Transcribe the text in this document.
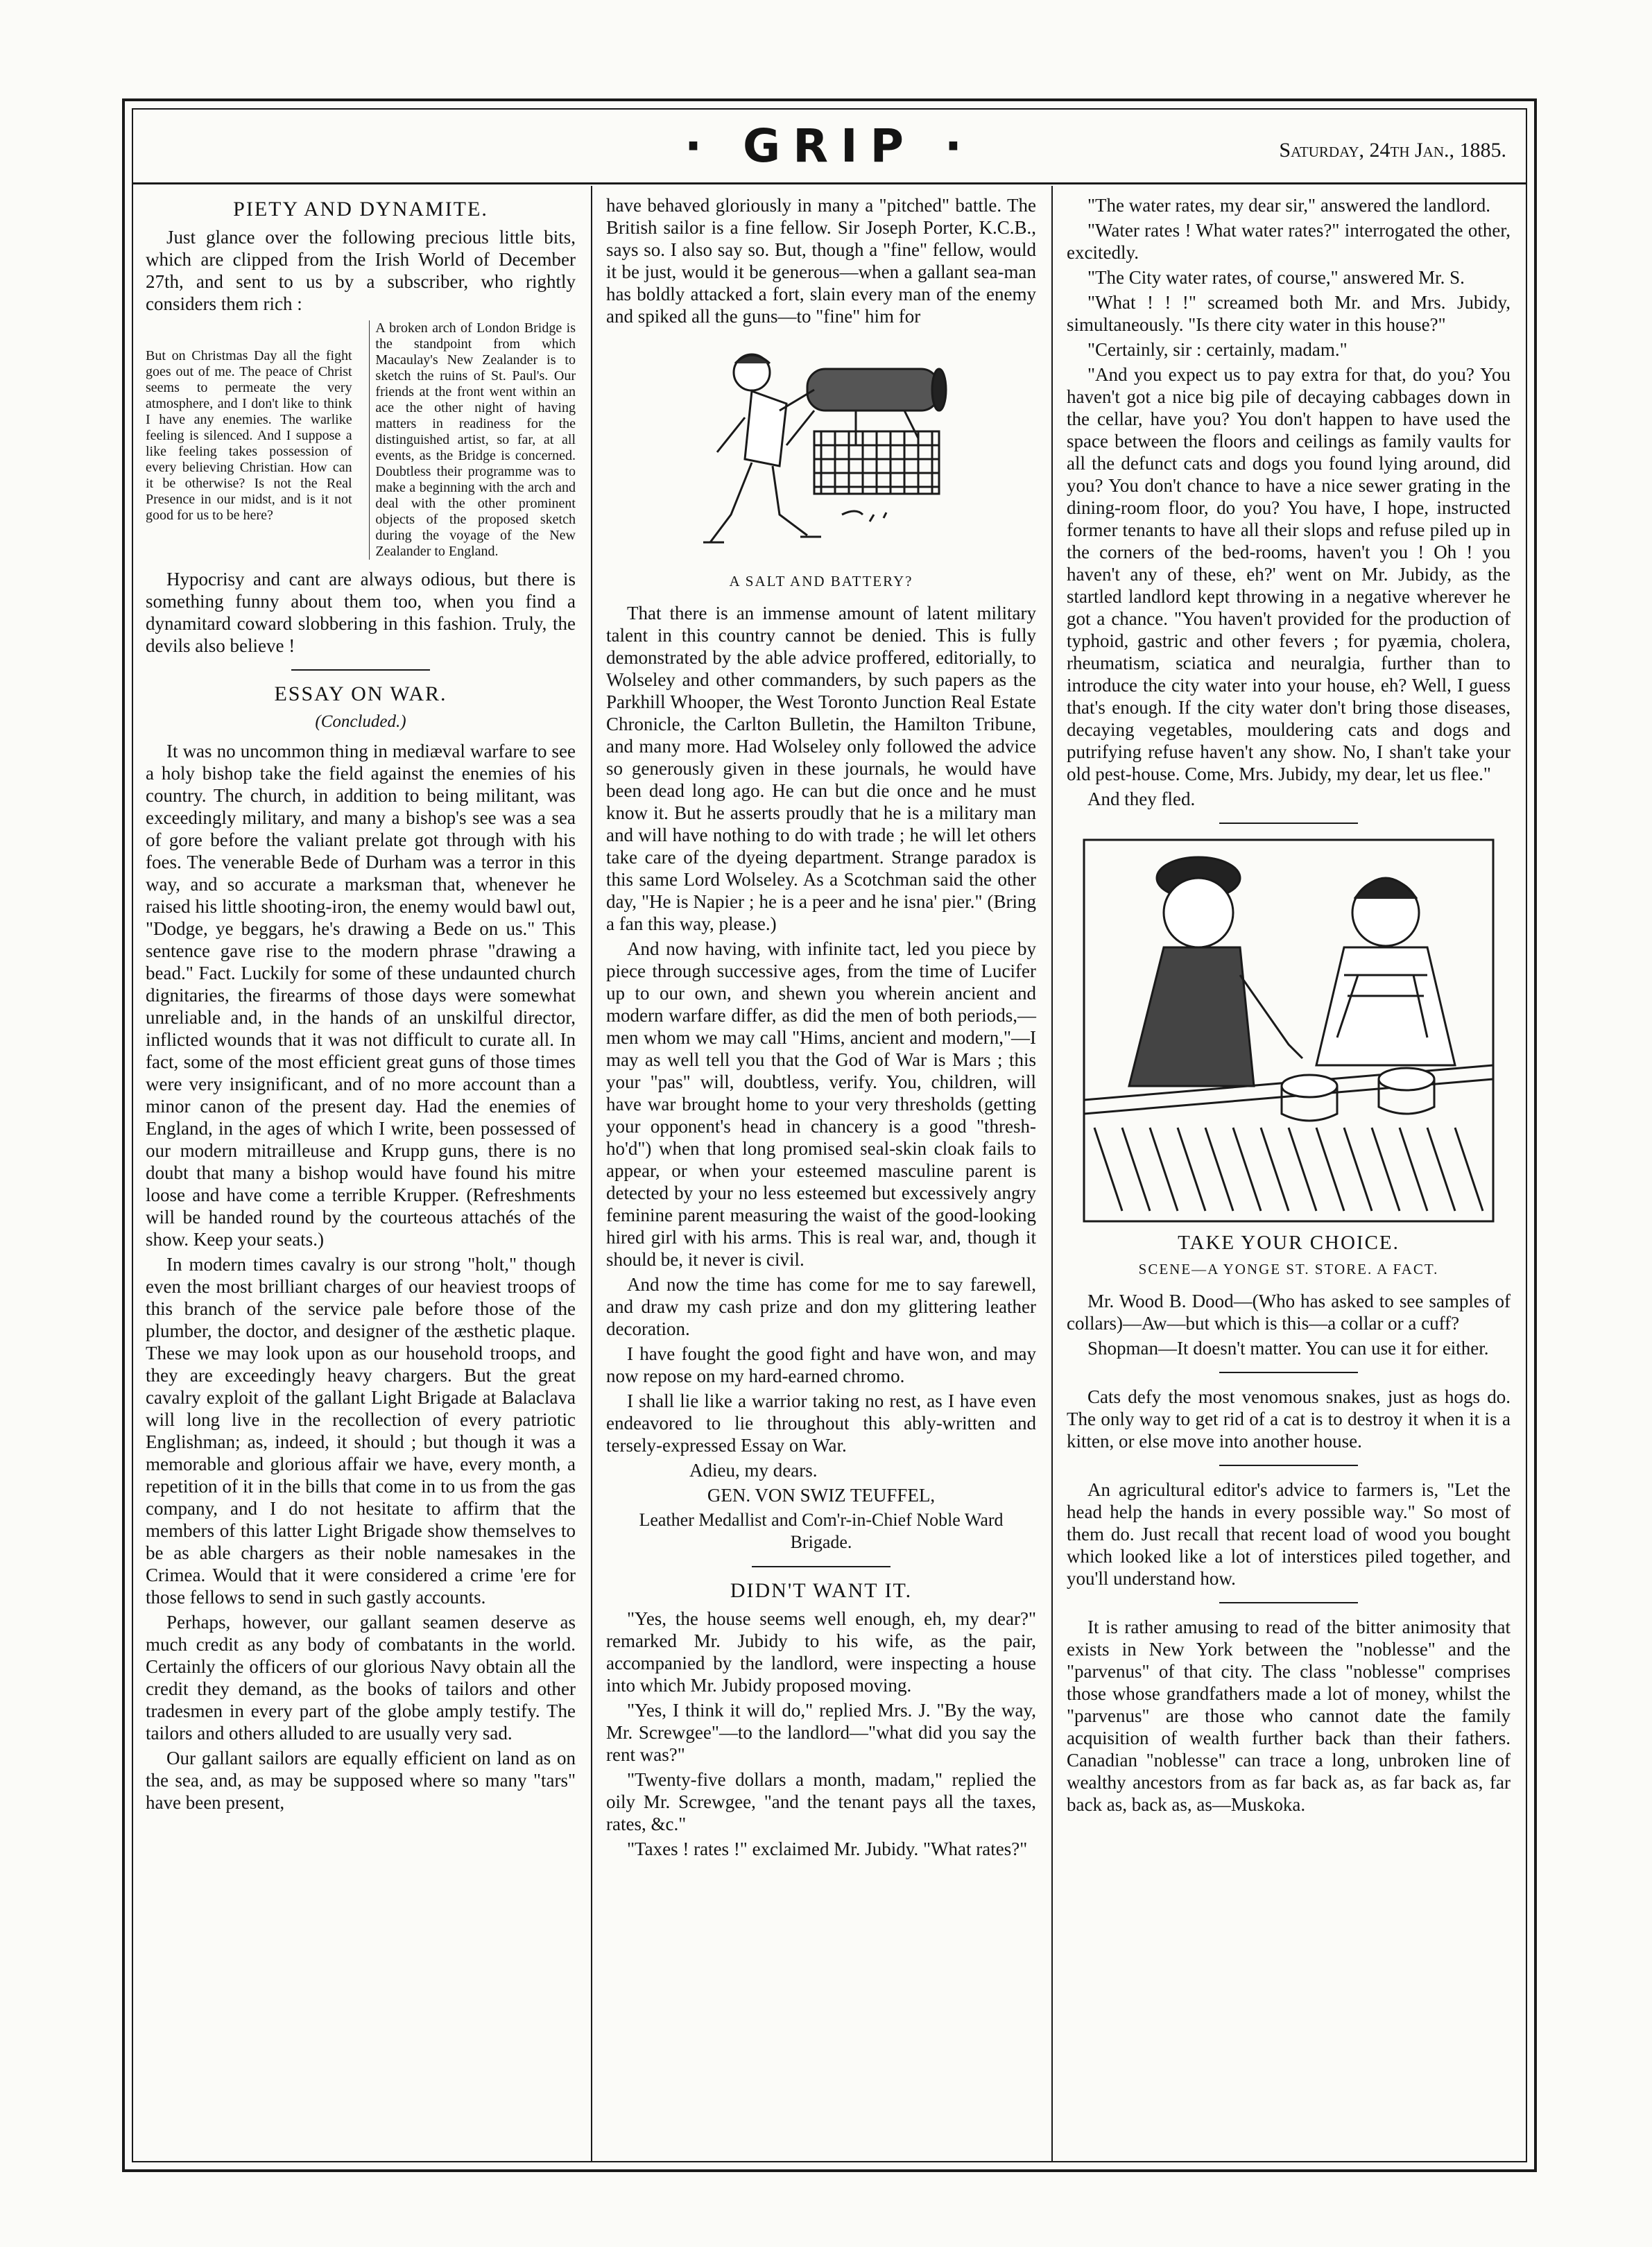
· GRIP ·	Saturday, 24th Jan., 1885.
PIETY AND DYNAMITE.

Just glance over the following precious little bits, which are clipped from the Irish World of December 27th, and sent to us by a subscriber, who rightly considers them rich :

But on Christmas Day all the fight goes out of me. The peace of Christ seems to permeate the very atmosphere, and I don't like to think I have any enemies. The warlike feeling is silenced. And I suppose a like feeling takes possession of every believing Christian. How can it be otherwise? Is not the Real Presence in our midst, and is it not good for us to be here?
A broken arch of London Bridge is the standpoint from which Macaulay's New Zealander is to sketch the ruins of St. Paul's. Our friends at the front went within an ace the other night of having matters in readiness for the distinguished artist, so far, at all events, as the Bridge is concerned. Doubtless their programme was to make a beginning with the arch and deal with the other prominent objects of the proposed sketch during the voyage of the New Zealander to England.

Hypocrisy and cant are always odious, but there is something funny about them too, when you find a dynamitard coward slobbering in this fashion. Truly, the devils also believe !

ESSAY ON WAR.
(Concluded.)

It was no uncommon thing in mediæval warfare to see a holy bishop take the field against the enemies of his country. The church, in addition to being militant, was exceedingly military, and many a bishop's see was a sea of gore before the valiant prelate got through with his foes. The venerable Bede of Durham was a terror in this way, and so accurate a marksman that, whenever he raised his little shooting-iron, the enemy would bawl out, "Dodge, ye beggars, he's drawing a Bede on us." This sentence gave rise to the modern phrase "drawing a bead." Fact. Luckily for some of these undaunted church dignitaries, the firearms of those days were somewhat unreliable and, in the hands of an unskilful director, inflicted wounds that it was not difficult to curate all. In fact, some of the most efficient great guns of those times were very insignificant, and of no more account than a minor canon of the present day. Had the enemies of England, in the ages of which I write, been possessed of our modern mitrailleuse and Krupp guns, there is no doubt that many a bishop would have found his mitre loose and have come a terrible Krupper. (Refreshments will be handed round by the courteous attachés of the show. Keep your seats.)

In modern times cavalry is our strong "holt," though even the most brilliant charges of our heaviest troops of this branch of the service pale before those of the plumber, the doctor, and designer of the æsthetic plaque. These we may look upon as our household troops, and they are exceedingly heavy chargers. But the great cavalry exploit of the gallant Light Brigade at Balaclava will long live in the recollection of every patriotic Englishman; as, indeed, it should ; but though it was a memorable and glorious affair we have, every month, a repetition of it in the bills that come in to us from the gas company, and I do not hesitate to affirm that the members of this latter Light Brigade show themselves to be as able chargers as their noble namesakes in the Crimea. Would that it were considered a crime 'ere for those fellows to send in such gastly accounts.

Perhaps, however, our gallant seamen deserve as much credit as any body of combatants in the world. Certainly the officers of our glorious Navy obtain all the credit they demand, as the books of tailors and other tradesmen in every part of the globe amply testify. The tailors and others alluded to are usually very sad.

Our gallant sailors are equally efficient on land as on the sea, and, as may be supposed where so many "tars" have been present,

have behaved gloriously in many a "pitched" battle. The British sailor is a fine fellow. Sir Joseph Porter, K.C.B., says so. I also say so. But, though a "fine" fellow, would it be just, would it be generous—when a gallant sea-man has boldly attacked a fort, slain every man of the enemy and spiked all the guns—to "fine" him for

A SALT AND BATTERY?

That there is an immense amount of latent military talent in this country cannot be denied. This is fully demonstrated by the able advice proffered, editorially, to Wolseley and other commanders, by such papers as the Parkhill Whooper, the West Toronto Junction Real Estate Chronicle, the Carlton Bulletin, the Hamilton Tribune, and many more. Had Wolseley only followed the advice so generously given in these journals, he would have been dead long ago. He can but die once and he must know it. But he asserts proudly that he is a military man and will have nothing to do with trade ; he will let others take care of the dyeing department. Strange paradox is this same Lord Wolseley. As a Scotchman said the other day, "He is Napier ; he is a peer and he isna' pier." (Bring a fan this way, please.)

And now having, with infinite tact, led you piece by piece through successive ages, from the time of Lucifer up to our own, and shewn you wherein ancient and modern warfare differ, as did the men of both periods,—men whom we may call "Hims, ancient and modern,"—I may as well tell you that the God of War is Mars ; this your "pas" will, doubtless, verify. You, children, will have war brought home to your very thresholds (getting your opponent's head in chancery is a good "thresh-ho'd") when that long promised seal-skin cloak fails to appear, or when your esteemed masculine parent is detected by your no less esteemed but excessively angry feminine parent measuring the waist of the good-looking hired girl with his arms. This is real war, and, though it should be, it never is civil.

And now the time has come for me to say farewell, and draw my cash prize and don my glittering leather decoration.

I have fought the good fight and have won, and may now repose on my hard-earned chromo.

I shall lie like a warrior taking no rest, as I have even endeavored to lie throughout this ably-written and tersely-expressed Essay on War.

Adieu, my dears.

GEN. VON SWIZ TEUFFEL,
Leather Medallist and Com'r-in-Chief Noble Ward Brigade.
DIDN'T WANT IT.

"Yes, the house seems well enough, eh, my dear?" remarked Mr. Jubidy to his wife, as the pair, accompanied by the landlord, were inspecting a house into which Mr. Jubidy proposed moving.

"Yes, I think it will do," replied Mrs. J. "By the way, Mr. Screwgee"—to the landlord—"what did you say the rent was?"

"Twenty-five dollars a month, madam," replied the oily Mr. Screwgee, "and the tenant pays all the taxes, rates, &c."

"Taxes ! rates !" exclaimed Mr. Jubidy. "What rates?"

"The water rates, my dear sir," answered the landlord.

"Water rates ! What water rates?" interrogated the other, excitedly.

"The City water rates, of course," answered Mr. S.

"What ! ! !" screamed both Mr. and Mrs. Jubidy, simultaneously. "Is there city water in this house?"

"Certainly, sir : certainly, madam."

"And you expect us to pay extra for that, do you? You haven't got a nice big pile of decaying cabbages down in the cellar, have you? You don't happen to have used the space between the floors and ceilings as family vaults for all the defunct cats and dogs you found lying around, did you? You don't chance to have a nice sewer grating in the dining-room floor, do you? You have, I hope, instructed former tenants to have all their slops and refuse piled up in the corners of the bed-rooms, haven't you ! Oh ! you haven't any of these, eh?' went on Mr. Jubidy, as the startled landlord kept throwing in a negative wherever he got a chance. "You haven't provided for the production of typhoid, gastric and other fevers ; for pyæmia, cholera, rheumatism, sciatica and neuralgia, further than to introduce the city water into your house, eh? Well, I guess that's enough. If the city water don't bring those diseases, decaying vegetables, mouldering cats and dogs and putrifying refuse haven't any show. No, I shan't take your old pest-house. Come, Mrs. Jubidy, my dear, let us flee."

And they fled.

TAKE YOUR CHOICE.
SCENE—A YONGE ST. STORE. A FACT.

Mr. Wood B. Dood—(Who has asked to see samples of collars)—Aw—but which is this—a collar or a cuff?

Shopman—It doesn't matter. You can use it for either.

Cats defy the most venomous snakes, just as hogs do. The only way to get rid of a cat is to destroy it when it is a kitten, or else move into another house.

An agricultural editor's advice to farmers is, "Let the head help the hands in every possible way." So most of them do. Just recall that recent load of wood you bought which looked like a lot of interstices piled together, and you'll understand how.

It is rather amusing to read of the bitter animosity that exists in New York between the "noblesse" and the "parvenus" of that city. The class "noblesse" comprises those whose grandfathers made a lot of money, whilst the "parvenus" are those who cannot date the family acquisition of wealth further back than their fathers. Canadian "noblesse" can trace a long, unbroken line of wealthy ancestors from as far back as, as far back as, far back as, back as, as—Muskoka.
